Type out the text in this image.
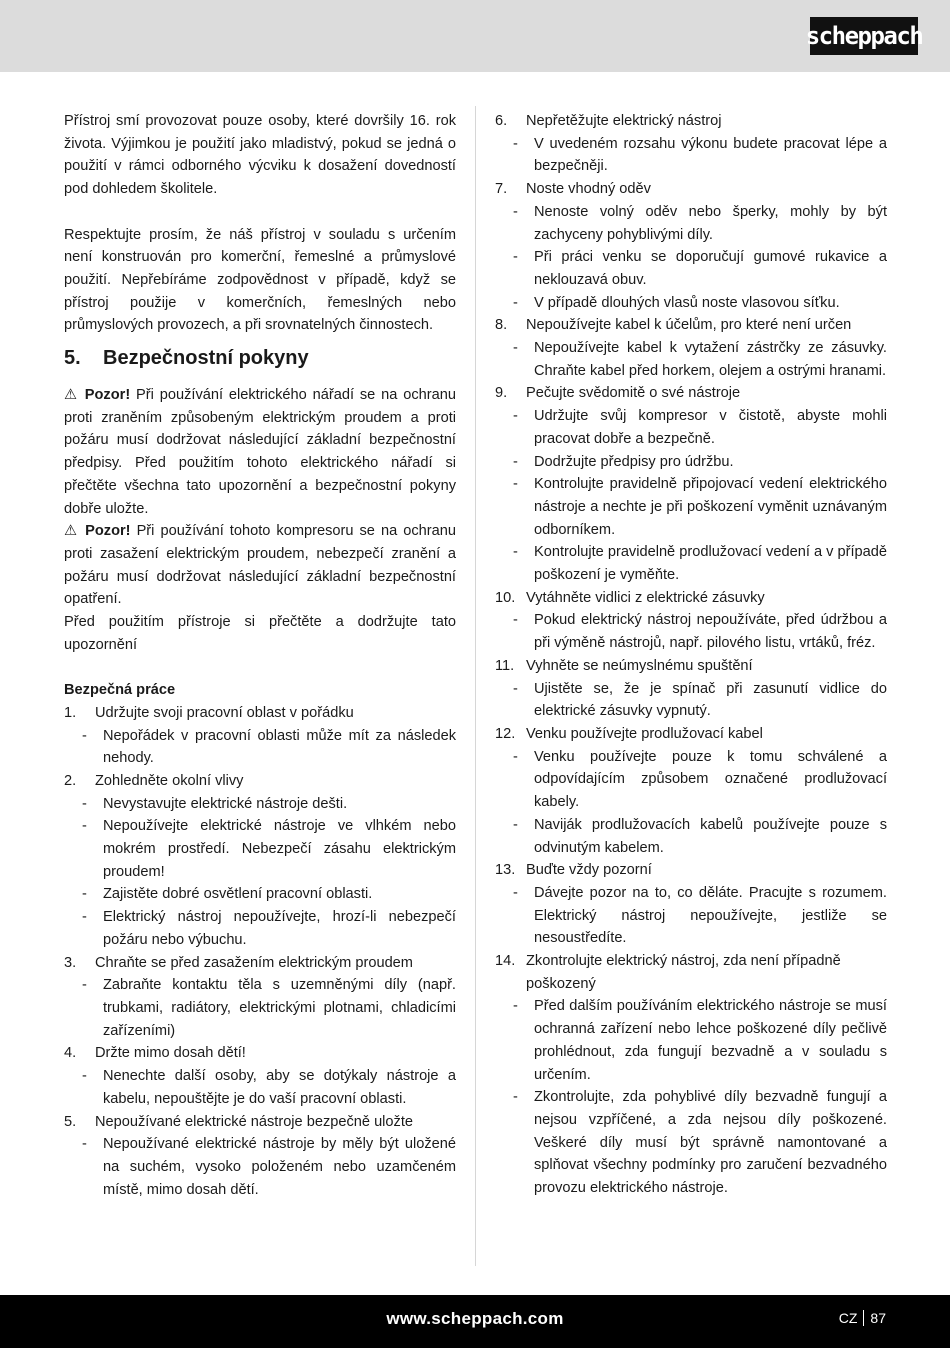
scheppach

Přístroj smí provozovat pouze osoby, které dovršily 16. rok života. Výjimkou je použití jako mladistvý, pokud se jedná o použití v rámci odborného výcviku k dosažení dovedností pod dohledem školitele.

Respektujte prosím, že náš přístroj v souladu s určením není konstruován pro komerční, řemeslné a průmyslové použití. Nepřebíráme zodpovědnost v případě, když se přístroj použije v komerčních, řemeslných nebo průmyslových provozech, a při srovnatelných činnostech.

5.	Bezpečnostní pokyny

⚠ Pozor! Při používání elektrického nářadí se na ochranu proti zraněním způsobeným elektrickým proudem a proti požáru musí dodržovat následující základní bezpečnostní předpisy. Před použitím tohoto elektrického nářadí si přečtěte všechna tato upozornění a bezpečnostní pokyny dobře uložte.

⚠ Pozor! Při používání tohoto kompresoru se na ochranu proti zasažení elektrickým proudem, nebezpečí zranění a požáru musí dodržovat následující základní bezpečnostní opatření.

Před použitím přístroje si přečtěte a dodržujte tato upozornění

Bezpečná práce

1.	Udržujte svoji pracovní oblast v pořádku
-	Nepořádek v pracovní oblasti může mít za následek nehody.
2.	Zohledněte okolní vlivy
-	Nevystavujte elektrické nástroje dešti.
-	Nepoužívejte elektrické nástroje ve vlhkém nebo mokrém prostředí. Nebezpečí zásahu elektrickým proudem!
-	Zajistěte dobré osvětlení pracovní oblasti.
-	Elektrický nástroj nepoužívejte, hrozí-li nebezpečí požáru nebo výbuchu.
3.	Chraňte se před zasažením elektrickým proudem
-	Zabraňte kontaktu těla s uzemněnými díly (např. trubkami, radiátory, elektrickými plotnami, chladicími zařízeními)
4.	Držte mimo dosah dětí!
-	Nenechte další osoby, aby se dotýkaly nástroje a kabelu, nepouštějte je do vaší pracovní oblasti.
5.	Nepoužívané elektrické nástroje bezpečně uložte
-	Nepoužívané elektrické nástroje by měly být uložené na suchém, vysoko položeném nebo uzamčeném místě, mimo dosah dětí.
6.	Nepřetěžujte elektrický nástroj
-	V uvedeném rozsahu výkonu budete pracovat lépe a bezpečněji.
7.	Noste vhodný oděv
-	Nenoste volný oděv nebo šperky, mohly by být zachyceny pohyblivými díly.
-	Při práci venku se doporučují gumové rukavice a neklouzavá obuv.
-	V případě dlouhých vlasů noste vlasovou síťku.
8.	Nepoužívejte kabel k účelům, pro které není určen
-	Nepoužívejte kabel k vytažení zástrčky ze zásuvky. Chraňte kabel před horkem, olejem a ostrými hranami.
9.	Pečujte svědomitě o své nástroje
-	Udržujte svůj kompresor v čistotě, abyste mohli pracovat dobře a bezpečně.
-	Dodržujte předpisy pro údržbu.
-	Kontrolujte pravidelně připojovací vedení elektrického nástroje a nechte je při poškození vyměnit uznávaným odborníkem.
-	Kontrolujte pravidelně prodlužovací vedení a v případě poškození je vyměňte.
10. Vytáhněte vidlici z elektrické zásuvky
-	Pokud elektrický nástroj nepoužíváte, před údržbou a při výměně nástrojů, např. pilového listu, vrtáků, fréz.
11. Vyhněte se neúmyslnému spuštění
-	Ujistěte se, že je spínač při zasunutí vidlice do elektrické zásuvky vypnutý.
12. Venku používejte prodlužovací kabel
-	Venku používejte pouze k tomu schválené a odpovídajícím způsobem označené prodlužovací kabely.
-	Naviják prodlužovacích kabelů používejte pouze s odvinutým kabelem.
13. Buďte vždy pozorní
-	Dávejte pozor na to, co děláte. Pracujte s rozumem. Elektrický nástroj nepoužívejte, jestliže se nesoustředíte.
14. Zkontrolujte elektrický nástroj, zda není případně poškozený
-	Před dalším používáním elektrického nástroje se musí ochranná zařízení nebo lehce poškozené díly pečlivě prohlédnout, zda fungují bezvadně a v souladu s určením.
-	Zkontrolujte, zda pohyblivé díly bezvadně fungují a nejsou vzpříčené, a zda nejsou díly poškozené. Veškeré díly musí být správně namontované a splňovat všechny podmínky pro zaručení bezvadného provozu elektrického nástroje.
www.scheppach.com	CZ 87
